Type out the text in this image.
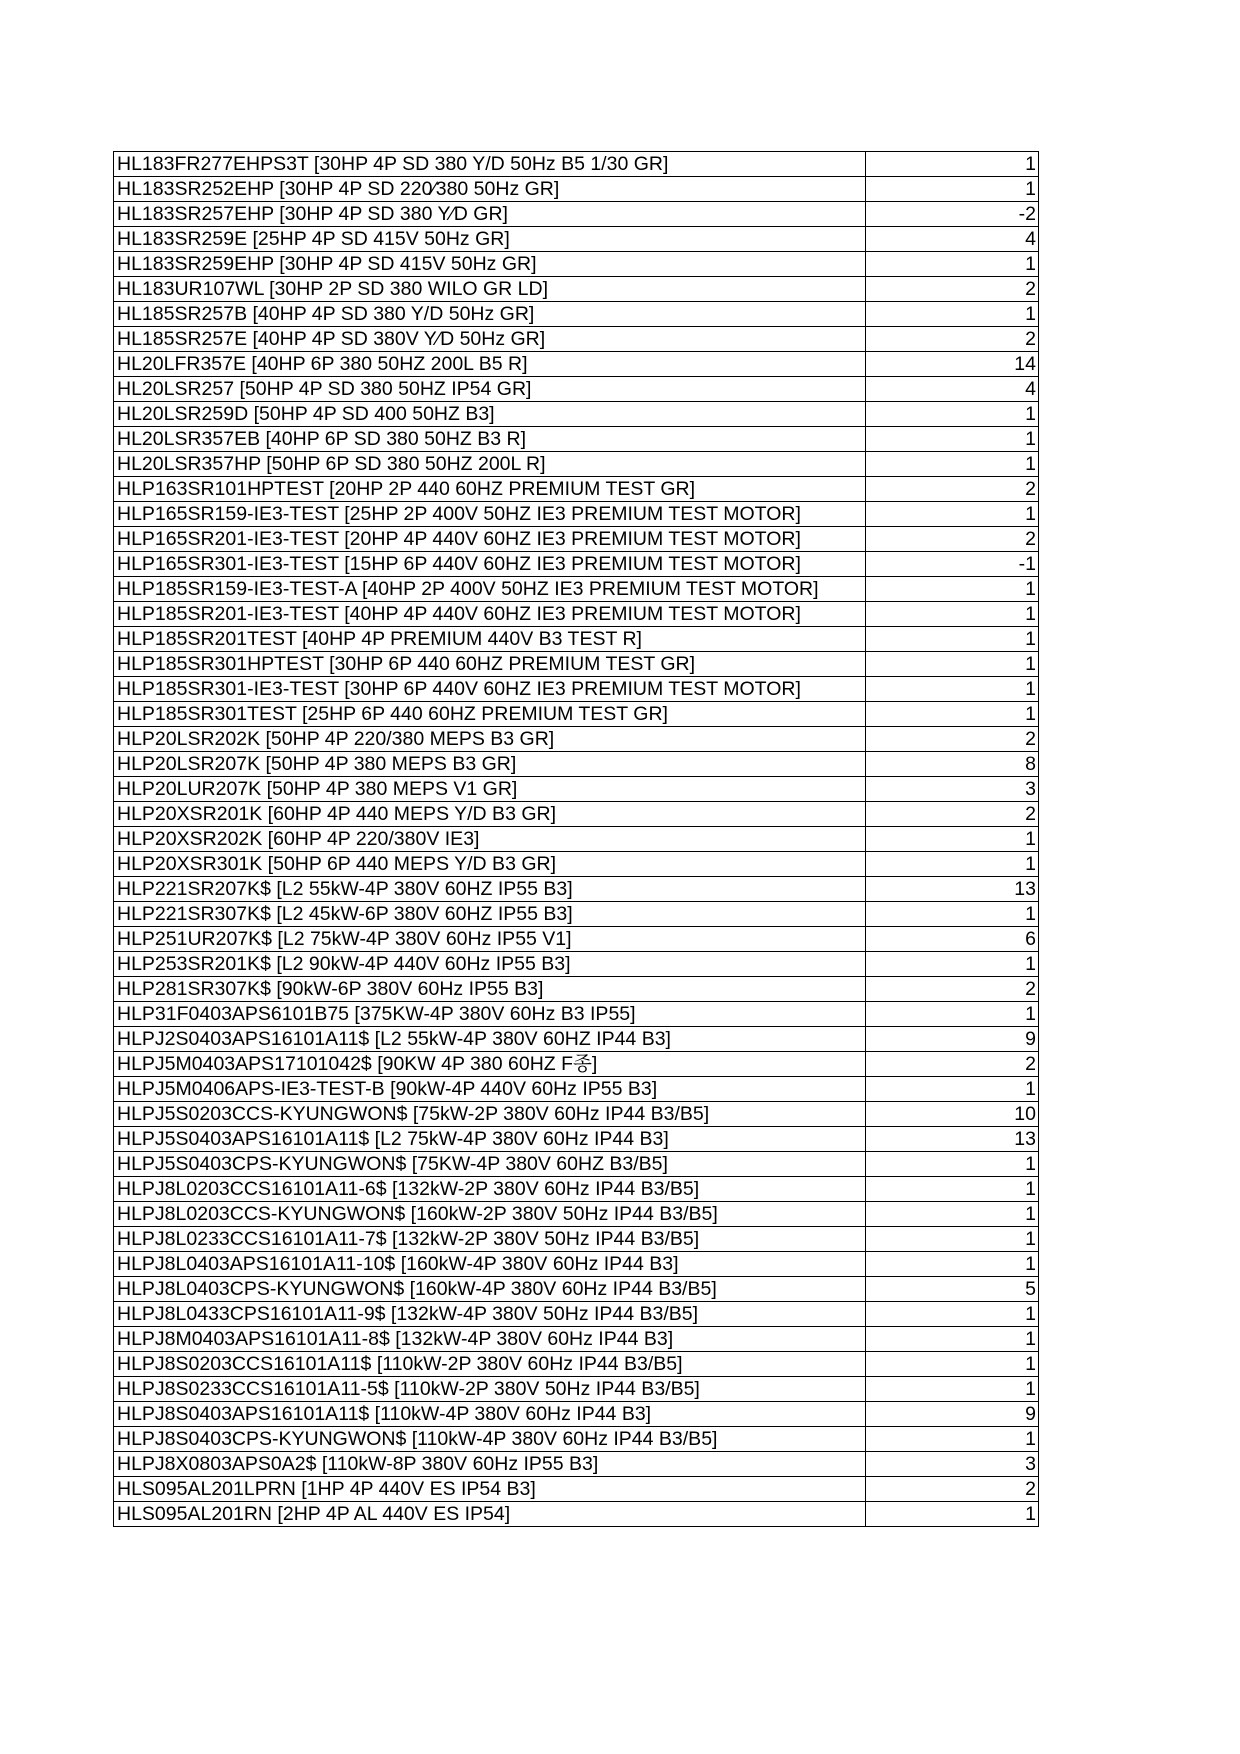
HL183FR277EHPS3T [30HP 4P SD 380 Y/D 50Hz B5 1/30 GR]	1
HL183SR252EHP [30HP 4P SD 220∕380 50Hz GR]	1
HL183SR257EHP [30HP 4P SD 380 Y∕D GR]	-2
HL183SR259E [25HP 4P SD 415V 50Hz GR]	4
HL183SR259EHP [30HP 4P SD 415V 50Hz GR]	1
HL183UR107WL [30HP 2P SD 380 WILO GR LD]	2
HL185SR257B [40HP 4P SD 380 Y/D 50Hz GR]	1
HL185SR257E [40HP 4P SD 380V Y∕D 50Hz GR]	2
HL20LFR357E [40HP 6P 380 50HZ 200L B5 R]	14
HL20LSR257 [50HP 4P SD 380 50HZ IP54 GR]	4
HL20LSR259D [50HP 4P SD 400 50HZ B3]	1
HL20LSR357EB [40HP 6P SD 380 50HZ B3 R]	1
HL20LSR357HP [50HP 6P SD 380 50HZ 200L R]	1
HLP163SR101HPTEST [20HP 2P 440 60HZ PREMIUM TEST GR]	2
HLP165SR159-IE3-TEST [25HP 2P 400V 50HZ IE3 PREMIUM TEST MOTOR]	1
HLP165SR201-IE3-TEST [20HP 4P 440V 60HZ IE3 PREMIUM TEST MOTOR]	2
HLP165SR301-IE3-TEST [15HP 6P 440V 60HZ IE3 PREMIUM TEST MOTOR]	-1
HLP185SR159-IE3-TEST-A [40HP 2P 400V 50HZ IE3 PREMIUM TEST MOTOR]	1
HLP185SR201-IE3-TEST [40HP 4P 440V 60HZ IE3 PREMIUM TEST MOTOR]	1
HLP185SR201TEST [40HP 4P PREMIUM 440V B3 TEST R]	1
HLP185SR301HPTEST [30HP 6P 440 60HZ PREMIUM TEST GR]	1
HLP185SR301-IE3-TEST [30HP 6P 440V 60HZ IE3 PREMIUM TEST MOTOR]	1
HLP185SR301TEST [25HP 6P 440 60HZ PREMIUM TEST GR]	1
HLP20LSR202K [50HP 4P 220/380 MEPS B3 GR]	2
HLP20LSR207K [50HP 4P 380 MEPS B3 GR]	8
HLP20LUR207K [50HP 4P 380 MEPS V1 GR]	3
HLP20XSR201K [60HP 4P 440 MEPS Y/D B3 GR]	2
HLP20XSR202K [60HP 4P 220/380V IE3]	1
HLP20XSR301K [50HP 6P 440 MEPS Y/D B3 GR]	1
HLP221SR207K$ [L2 55kW-4P 380V 60HZ IP55 B3]	13
HLP221SR307K$ [L2 45kW-6P 380V 60HZ IP55 B3]	1
HLP251UR207K$ [L2 75kW-4P 380V 60Hz IP55 V1]	6
HLP253SR201K$ [L2 90kW-4P 440V 60Hz IP55 B3]	1
HLP281SR307K$ [90kW-6P 380V 60Hz IP55 B3]	2
HLP31F0403APS6101B75 [375KW-4P 380V 60Hz B3 IP55]	1
HLPJ2S0403APS16101A11$ [L2 55kW-4P 380V 60HZ IP44 B3]	9
HLPJ5M0403APS17101042$ [90KW 4P 380 60HZ F종]	2
HLPJ5M0406APS-IE3-TEST-B [90kW-4P 440V 60Hz IP55 B3]	1
HLPJ5S0203CCS-KYUNGWON$ [75kW-2P 380V 60Hz IP44 B3/B5]	10
HLPJ5S0403APS16101A11$ [L2 75kW-4P 380V 60Hz IP44 B3]	13
HLPJ5S0403CPS-KYUNGWON$ [75KW-4P 380V 60HZ B3/B5]	1
HLPJ8L0203CCS16101A11-6$ [132kW-2P 380V 60Hz IP44 B3/B5]	1
HLPJ8L0203CCS-KYUNGWON$ [160kW-2P 380V 50Hz IP44 B3/B5]	1
HLPJ8L0233CCS16101A11-7$ [132kW-2P 380V 50Hz IP44 B3/B5]	1
HLPJ8L0403APS16101A11-10$ [160kW-4P 380V 60Hz IP44 B3]	1
HLPJ8L0403CPS-KYUNGWON$ [160kW-4P 380V 60Hz IP44 B3/B5]	5
HLPJ8L0433CPS16101A11-9$ [132kW-4P 380V 50Hz IP44 B3/B5]	1
HLPJ8M0403APS16101A11-8$ [132kW-4P 380V 60Hz IP44 B3]	1
HLPJ8S0203CCS16101A11$ [110kW-2P 380V 60Hz IP44 B3/B5]	1
HLPJ8S0233CCS16101A11-5$ [110kW-2P 380V 50Hz IP44 B3/B5]	1
HLPJ8S0403APS16101A11$ [110kW-4P 380V 60Hz IP44 B3]	9
HLPJ8S0403CPS-KYUNGWON$ [110kW-4P 380V 60Hz IP44 B3/B5]	1
HLPJ8X0803APS0A2$ [110kW-8P 380V 60Hz IP55 B3]	3
HLS095AL201LPRN [1HP 4P 440V ES IP54 B3]	2
HLS095AL201RN [2HP 4P AL 440V ES IP54]	1
